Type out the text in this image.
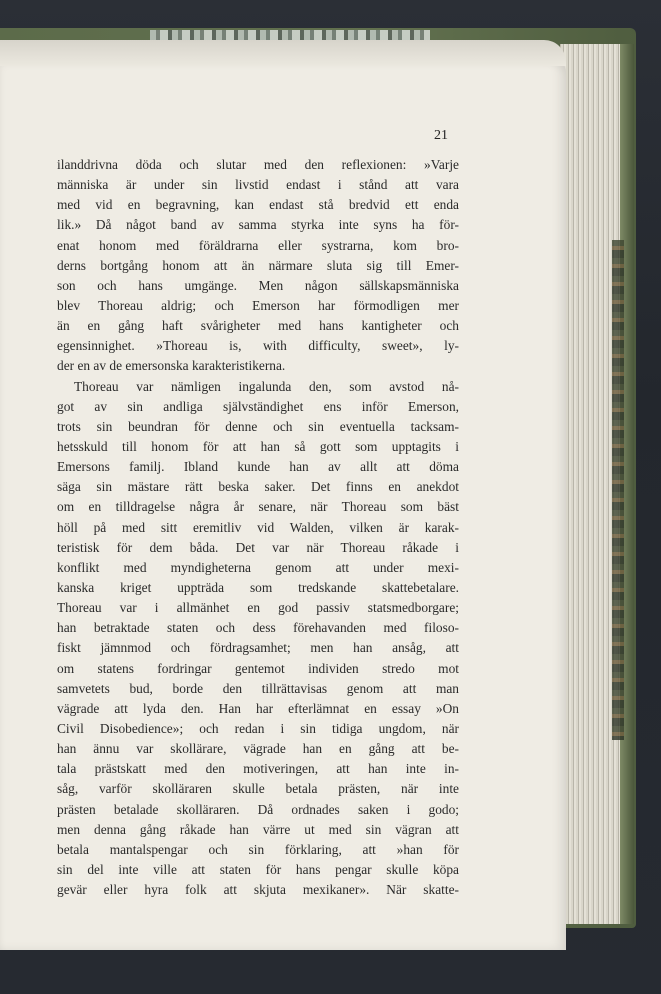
21
ilanddrivna döda och slutar med den reflexionen: »Varje
människa är under sin livstid endast i stånd att vara
med vid en begravning, kan endast stå bredvid ett enda
lik.» Då något band av samma styrka inte syns ha för-
enat honom med föräldrarna eller systrarna, kom bro-
derns bortgång honom att än närmare sluta sig till Emer-
son och hans umgänge. Men någon sällskapsmänniska
blev Thoreau aldrig; och Emerson har förmodligen mer
än en gång haft svårigheter med hans kantigheter och
egensinnighet. »Thoreau is, with difficulty, sweet», ly-
der en av de emersonska karakteristikerna.
Thoreau var nämligen ingalunda den, som avstod nå-
got av sin andliga självständighet ens inför Emerson,
trots sin beundran för denne och sin eventuella tacksam-
hetsskuld till honom för att han så gott som upptagits i
Emersons familj. Ibland kunde han av allt att döma
säga sin mästare rätt beska saker. Det finns en anekdot
om en tilldragelse några år senare, när Thoreau som bäst
höll på med sitt eremitliv vid Walden, vilken är karak-
teristisk för dem båda. Det var när Thoreau råkade i
konflikt med myndigheterna genom att under mexi-
kanska kriget uppträda som tredskande skattebetalare.
Thoreau var i allmänhet en god passiv statsmedborgare;
han betraktade staten och dess förehavanden med filoso-
fiskt jämnmod och fördragsamhet; men han ansåg, att
om statens fordringar gentemot individen stredo mot
samvetets bud, borde den tillrättavisas genom att man
vägrade att lyda den. Han har efterlämnat en essay »On
Civil Disobedience»; och redan i sin tidiga ungdom, när
han ännu var skollärare, vägrade han en gång att be-
tala prästskatt med den motiveringen, att han inte in-
såg, varför skolläraren skulle betala prästen, när inte
prästen betalade skolläraren. Då ordnades saken i godo;
men denna gång råkade han värre ut med sin vägran att
betala mantalspengar och sin förklaring, att »han för
sin del inte ville att staten för hans pengar skulle köpa
gevär eller hyra folk att skjuta mexikaner». När skatte-
